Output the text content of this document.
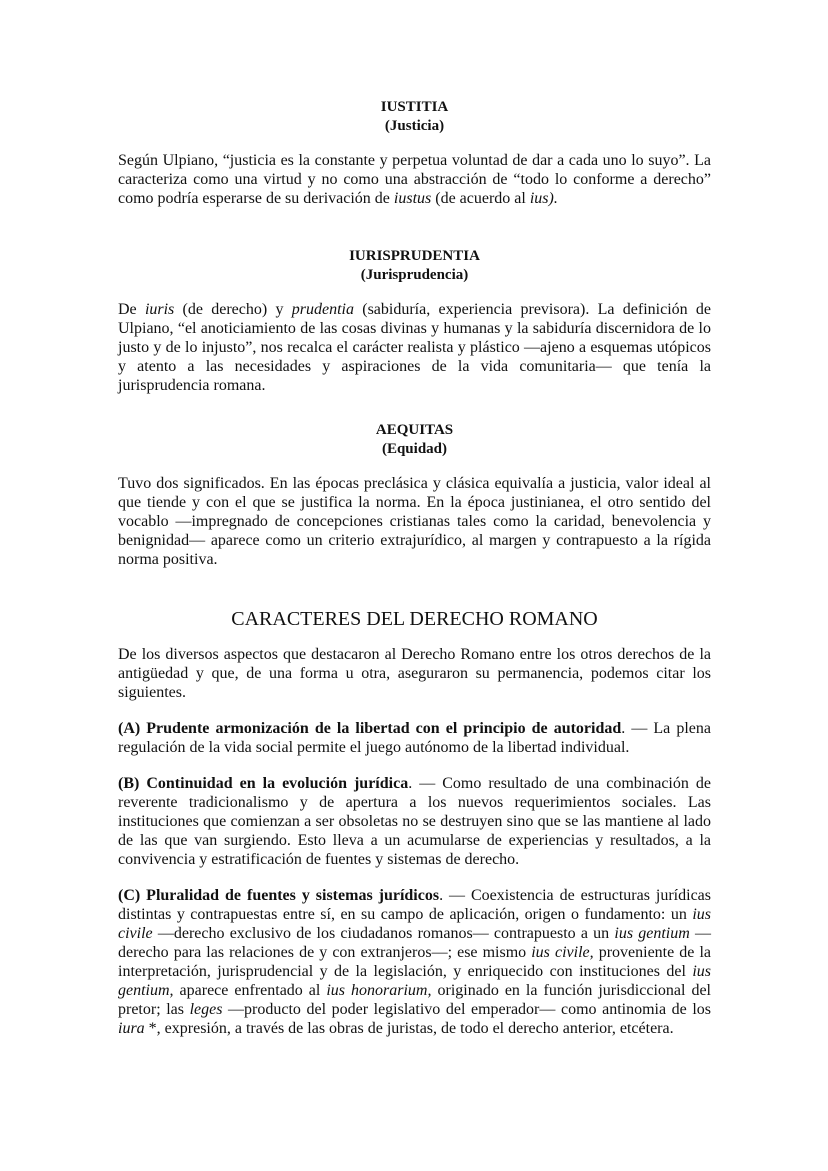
IUSTITIA
(Justicia)

Según Ulpiano, “justicia es la constante y perpetua voluntad de dar a cada uno lo suyo”. La caracteriza como una virtud y no como una abstracción de “todo lo conforme a derecho” como podría esperarse de su derivación de iustus (de acuerdo al ius).

IURISPRUDENTIA
(Jurisprudencia)

De iuris (de derecho) y prudentia (sabiduría, experiencia previsora). La definición de Ulpiano, “el anoticiamiento de las cosas divinas y humanas y la sabiduría discernidora de lo justo y de lo injusto”, nos recalca el carácter realista y plástico —ajeno a esquemas utópicos y atento a las necesidades y aspiraciones de la vida comunitaria— que tenía la jurisprudencia romana.

AEQUITAS
(Equidad)

Tuvo dos significados. En las épocas preclásica y clásica equivalía a justicia, valor ideal al que tiende y con el que se justifica la norma. En la época justinianea, el otro sentido del vocablo —impregnado de concepciones cristianas tales como la caridad, benevolencia y benignidad— aparece como un criterio extrajurídico, al margen y contrapuesto a la rígida norma positiva.

CARACTERES DEL DERECHO ROMANO

De los diversos aspectos que destacaron al Derecho Romano entre los otros derechos de la antigüedad y que, de una forma u otra, aseguraron su permanencia, podemos citar los siguientes.

(A) Prudente armonización de la libertad con el principio de autoridad. — La plena regulación de la vida social permite el juego autónomo de la libertad individual.

(B) Continuidad en la evolución jurídica. — Como resultado de una combinación de reverente tradicionalismo y de apertura a los nuevos requerimientos sociales. Las instituciones que comienzan a ser obsoletas no se destruyen sino que se las mantiene al lado de las que van surgiendo. Esto lleva a un acumularse de experiencias y resultados, a la convivencia y estratificación de fuentes y sistemas de derecho.

(C) Pluralidad de fuentes y sistemas jurídicos. — Coexistencia de estructuras jurídicas distintas y contrapuestas entre sí, en su campo de aplicación, origen o fundamento: un ius civile —derecho exclusivo de los ciudadanos romanos— contrapuesto a un ius gentium —derecho para las relaciones de y con extranjeros—; ese mismo ius civile, proveniente de la interpretación, jurisprudencial y de la legislación, y enriquecido con instituciones del ius gentium, aparece enfrentado al ius honorarium, originado en la función jurisdiccional del pretor; las leges —producto del poder legislativo del emperador— como antinomia de los iura *, expresión, a través de las obras de juristas, de todo el derecho anterior, etcétera.
